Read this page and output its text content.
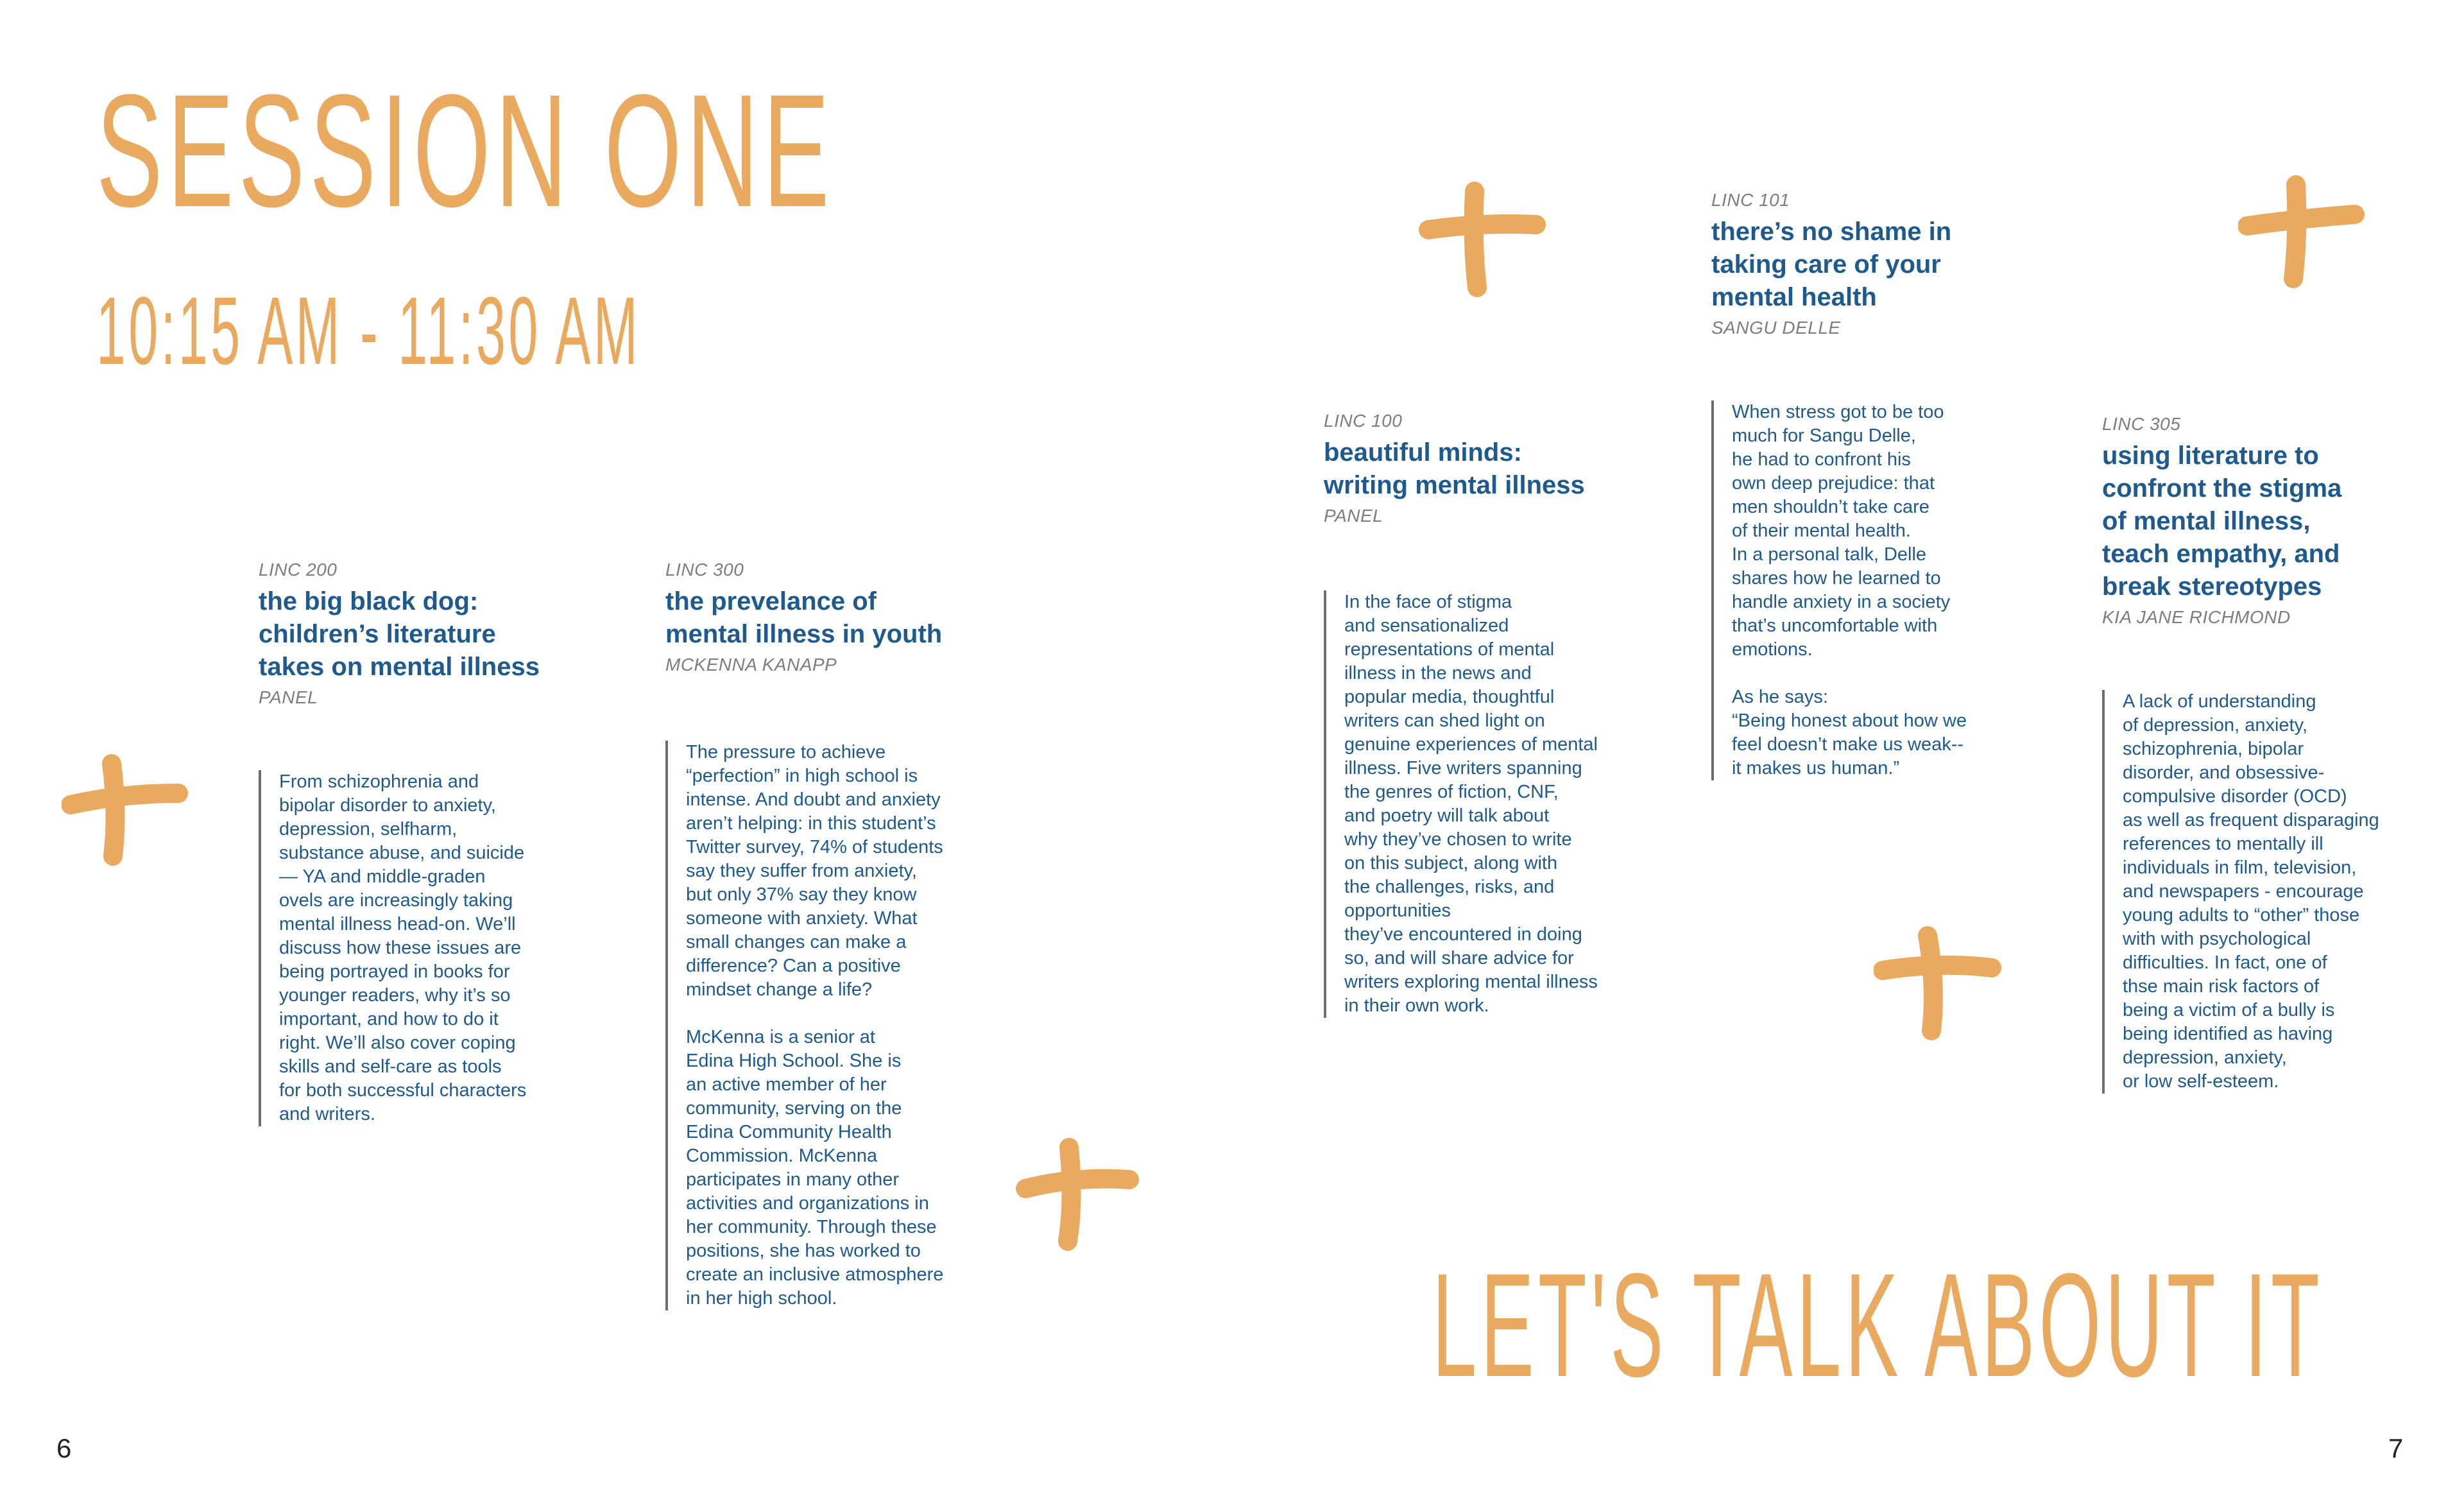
SESSION ONE
10:15 AM - 11:30 AM
LET'S TALK ABOUT IT

LINC 200

the big black dog:
children’s literature
takes on mental illness

PANEL

From schizophrenia and
bipolar disorder to anxiety,
depression, selfharm,
substance abuse, and suicide
— YA and middle-graden
ovels are increasingly taking
mental illness head-on. We’ll
discuss how these issues are
being portrayed in books for
younger readers, why it’s so
important, and how to do it
right. We’ll also cover coping
skills and self-care as tools
for both successful characters
and writers.

LINC 300

the prevelance of
mental illness in youth

MCKENNA KANAPP

The pressure to achieve
“perfection” in high school is
intense. And doubt and anxiety
aren’t helping: in this student’s
Twitter survey, 74% of students
say they suffer from anxiety,
but only 37% say they know
someone with anxiety. What
small changes can make a
difference? Can a positive
mindset change a life?

McKenna is a senior at
Edina High School. She is
an active member of her
community, serving on the
Edina Community Health
Commission. McKenna
participates in many other
activities and organizations in
her community. Through these
positions, she has worked to
create an inclusive atmosphere
in her high school.

LINC 100

beautiful minds:
writing mental illness

PANEL

In the face of stigma
and sensationalized
representations of mental
illness in the news and
popular media, thoughtful
writers can shed light on
genuine experiences of mental
illness. Five writers spanning
the genres of fiction, CNF,
and poetry will talk about
why they’ve chosen to write
on this subject, along with
the challenges, risks, and
opportunities
they’ve encountered in doing
so, and will share advice for
writers exploring mental illness
in their own work.

LINC 101

there’s no shame in
taking care of your
mental health

SANGU DELLE

When stress got to be too
much for Sangu Delle,
he had to confront his
own deep prejudice: that
men shouldn’t take care
of their mental health.
In a personal talk, Delle
shares how he learned to
handle anxiety in a society
that’s uncomfortable with
emotions.

As he says:
“Being honest about how we
feel doesn’t make us weak--
it makes us human.”

LINC 305

using literature to
confront the stigma
of mental illness,
teach empathy, and
break stereotypes

KIA JANE RICHMOND

A lack of understanding
of depression, anxiety,
schizophrenia, bipolar
disorder, and obsessive-
compulsive disorder (OCD)
as well as frequent disparaging
references to mentally ill
individuals in film, television,
and newspapers - encourage
young adults to “other” those
with with psychological
difficulties. In fact, one of
thse main risk factors of
being a victim of a bully is
being identified as having
depression, anxiety,
or low self-esteem.

6	7
